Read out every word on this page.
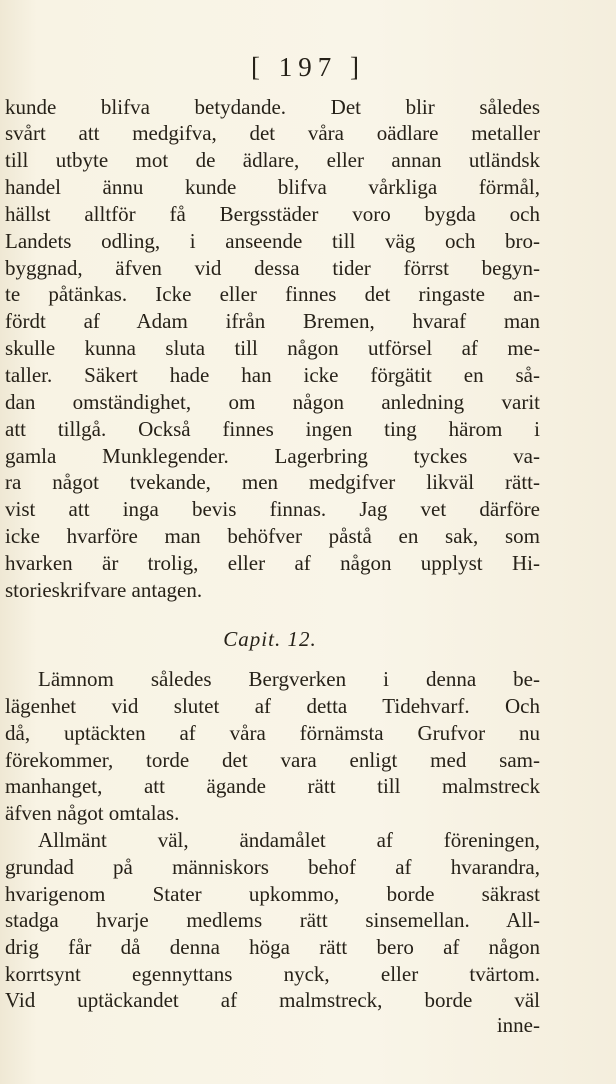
[ 197 ]
kunde blifva betydande. Det blir således
svårt att medgifva, det våra oädlare metaller
till utbyte mot de ädlare, eller annan utländsk
handel ännu kunde blifva vårkliga förmål,
hällst alltför få Bergsstäder voro bygda och
Landets odling, i anseende till väg och bro-
byggnad, äfven vid dessa tider förrst begyn-
te påtänkas. Icke eller finnes det ringaste an-
fördt af Adam ifrån Bremen, hvaraf man
skulle kunna sluta till någon utförsel af me-
taller. Säkert hade han icke förgätit en så-
dan omständighet, om någon anledning varit
att tillgå. Också finnes ingen ting härom i
gamla Munklegender. Lagerbring tyckes va-
ra något tvekande, men medgifver likväl rätt-
vist att inga bevis finnas. Jag vet därföre
icke hvarföre man behöfver påstå en sak, som
hvarken är trolig, eller af någon upplyst Hi-
storieskrifvare antagen.
Capit. 12.
Lämnom således Bergverken i denna be-
lägenhet vid slutet af detta Tidehvarf. Och
då, uptäckten af våra förnämsta Grufvor nu
förekommer, torde det vara enligt med sam-
manhanget, att ägande rätt till malmstreck
äfven något omtalas.
Allmänt väl, ändamålet af föreningen,
grundad på människors behof af hvarandra,
hvarigenom Stater upkommo, borde säkrast
stadga hvarje medlems rätt sinsemellan. All-
drig får då denna höga rätt bero af någon
korrtsynt egennyttans nyck, eller tvärtom.
Vid uptäckandet af malmstreck, borde väl
inne-
